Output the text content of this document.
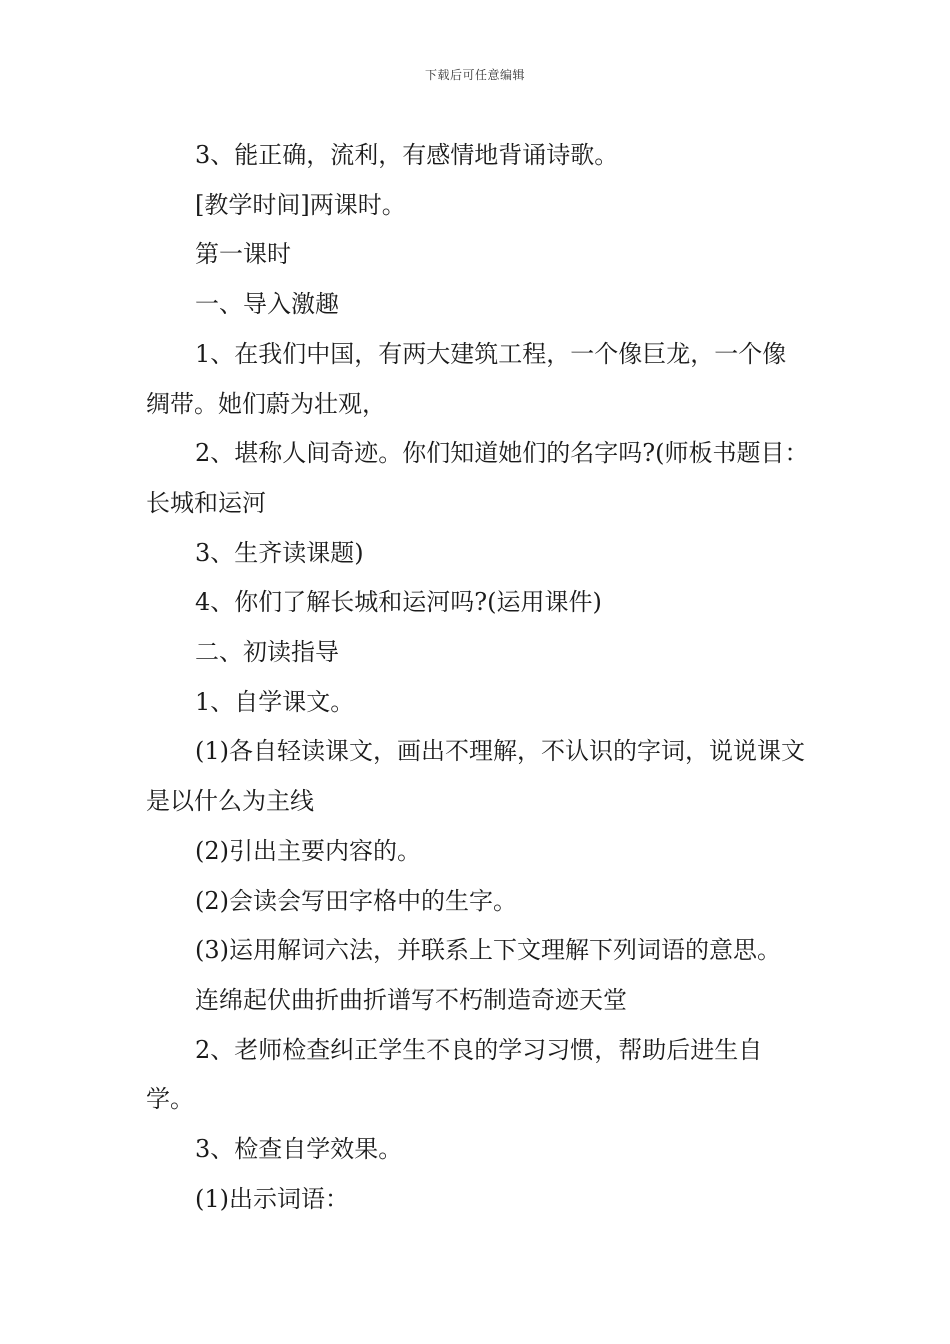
下载后可任意编辑

3、能正确，流利，有感情地背诵诗歌。

[教学时间]两课时。

第一课时

一、导入激趣

1、在我们中国，有两大建筑工程，一个像巨龙，一个像绸带。她们蔚为壮观，

2、堪称人间奇迹。你们知道她们的名字吗?(师板书题目：长城和运河

3、生齐读课题)

4、你们了解长城和运河吗?(运用课件)

二、初读指导

1、自学课文。

(1)各自轻读课文，画出不理解，不认识的字词，说说课文是以什么为主线

(2)引出主要内容的。

(2)会读会写田字格中的生字。

(3)运用解词六法，并联系上下文理解下列词语的意思。

连绵起伏曲折曲折谱写不朽制造奇迹天堂

2、老师检查纠正学生不良的学习习惯，帮助后进生自学。

3、检查自学效果。

(1)出示词语：
